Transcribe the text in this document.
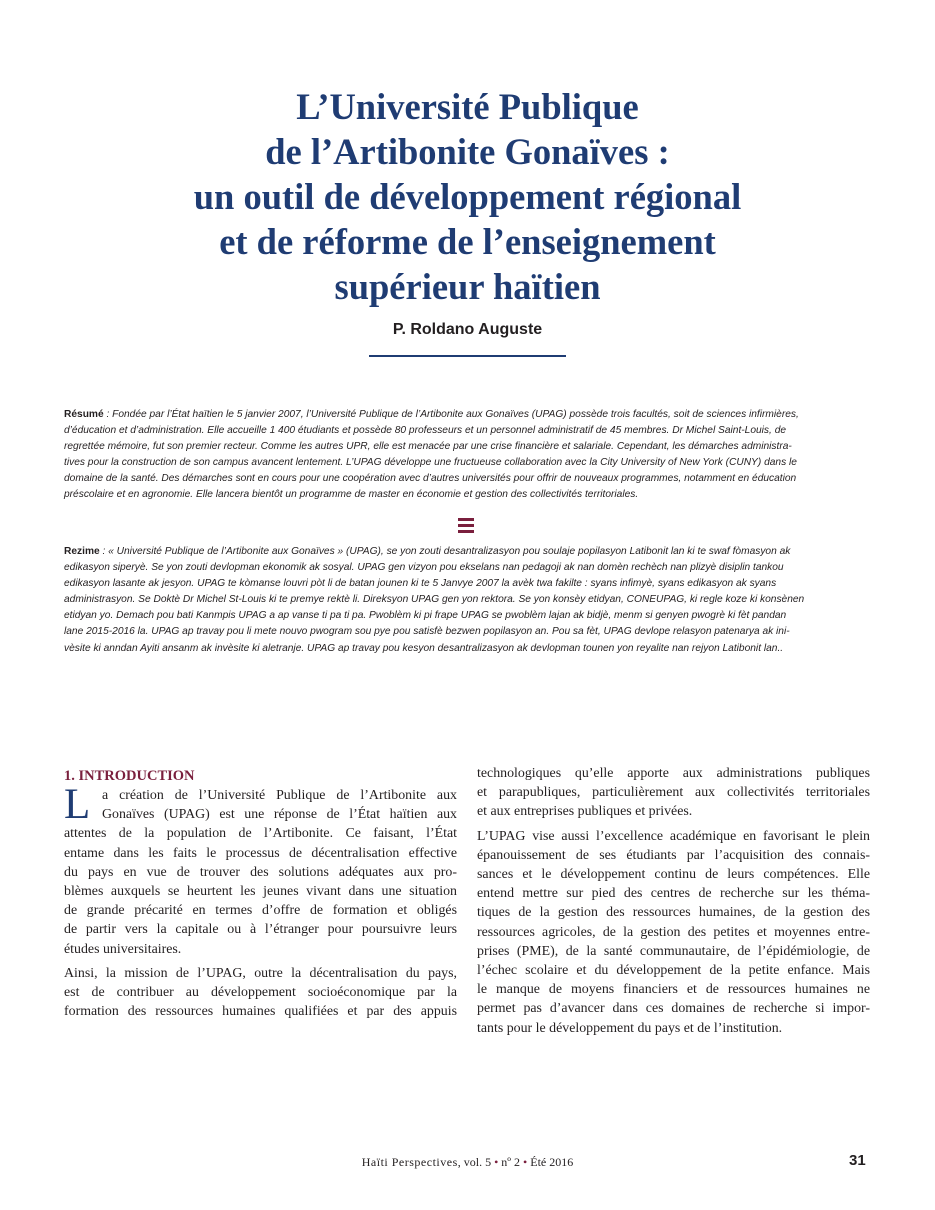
L’Université Publique
de l’Artibonite Gonaïves :
un outil de développement régional
et de réforme de l’enseignement
supérieur haïtien
P. Roldano Auguste
Résumé : Fondée par l’État haïtien le 5 janvier 2007, l’Université Publique de l’Artibonite aux Gonaïves (UPAG) possède trois facultés, soit de sciences infirmières,
d’éducation et d’administration. Elle accueille 1 400 étudiants et possède 80 professeurs et un personnel administratif de 45 membres. Dr Michel Saint-Louis, de
regrettée mémoire, fut son premier recteur. Comme les autres UPR, elle est menacée par une crise financière et salariale. Cependant, les démarches administra-
tives pour la construction de son campus avancent lentement. L’UPAG développe une fructueuse collaboration avec la City University of New York (CUNY) dans le
domaine de la santé. Des démarches sont en cours pour une coopération avec d’autres universités pour offrir de nouveaux programmes, notamment en éducation
préscolaire et en agronomie. Elle lancera bientôt un programme de master en économie et gestion des collectivités territoriales.
Rezime : « Université Publique de l’Artibonite aux Gonaïves » (UPAG), se yon zouti desantralizasyon pou soulaje popilasyon Latibonit lan ki te swaf fòmasyon ak
edikasyon siperyè. Se yon zouti devlopman ekonomik ak sosyal. UPAG gen vizyon pou ekselans nan pedagoji ak nan domèn rechèch nan plizyè disiplin tankou
edikasyon lasante ak jesyon. UPAG te kòmanse louvri pòt li de batan jounen ki te 5 Janvye 2007 la avèk twa fakilte : syans infimyè, syans edikasyon ak syans
administrasyon. Se Doktè Dr Michel St-Louis ki te premye rektè li. Direksyon UPAG gen yon rektora. Se yon konsèy etidyan, CONEUPAG, ki regle koze ki konsènen
etidyan yo. Demach pou bati Kanmpis UPAG a ap vanse ti pa ti pa. Pwoblèm ki pi frape UPAG se pwoblèm lajan ak bidjè, menm si genyen pwogrè ki fèt pandan
lane 2015-2016 la. UPAG ap travay pou li mete nouvo pwogram sou pye pou satisfè bezwen popilasyon an. Pou sa fèt, UPAG devlope relasyon patenarya ak ini-
vèsite ki anndan Ayiti ansanm ak invèsite ki aletranje. UPAG ap travay pou kesyon desantralizasyon ak devlopman tounen yon reyalite nan rejyon Latibonit lan..
1. INTRODUCTION
L a création de l’Université Publique de l’Artibonite aux
Gonaïves (UPAG) est une réponse de l’État haïtien aux
attentes de la population de l’Artibonite. Ce faisant, l’État
entame dans les faits le processus de décentralisation effective
du pays en vue de trouver des solutions adéquates aux pro-
blèmes auxquels se heurtent les jeunes vivant dans une situation
de grande précarité en termes d’offre de formation et obligés
de partir vers la capitale ou à l’étranger pour poursuivre leurs
études universitaires.
Ainsi, la mission de l’UPAG, outre la décentralisation du pays,
est de contribuer au développement socioéconomique par la
formation des ressources humaines qualifiées et par des appuis
technologiques qu’elle apporte aux administrations publiques
et parapubliques, particulièrement aux collectivités territoriales
et aux entreprises publiques et privées.
L’UPAG vise aussi l’excellence académique en favorisant le plein
épanouissement de ses étudiants par l’acquisition des connais-
sances et le développement continu de leurs compétences. Elle
entend mettre sur pied des centres de recherche sur les théma-
tiques de la gestion des ressources humaines, de la gestion des
ressources agricoles, de la gestion des petites et moyennes entre-
prises (PME), de la santé communautaire, de l’épidémiologie, de
l’échec scolaire et du développement de la petite enfance. Mais
le manque de moyens financiers et de ressources humaines ne
permet pas d’avancer dans ces domaines de recherche si impor-
tants pour le développement du pays et de l’institution.
Haïti Perspectives, vol. 5 • nº 2 • Été 2016	31
